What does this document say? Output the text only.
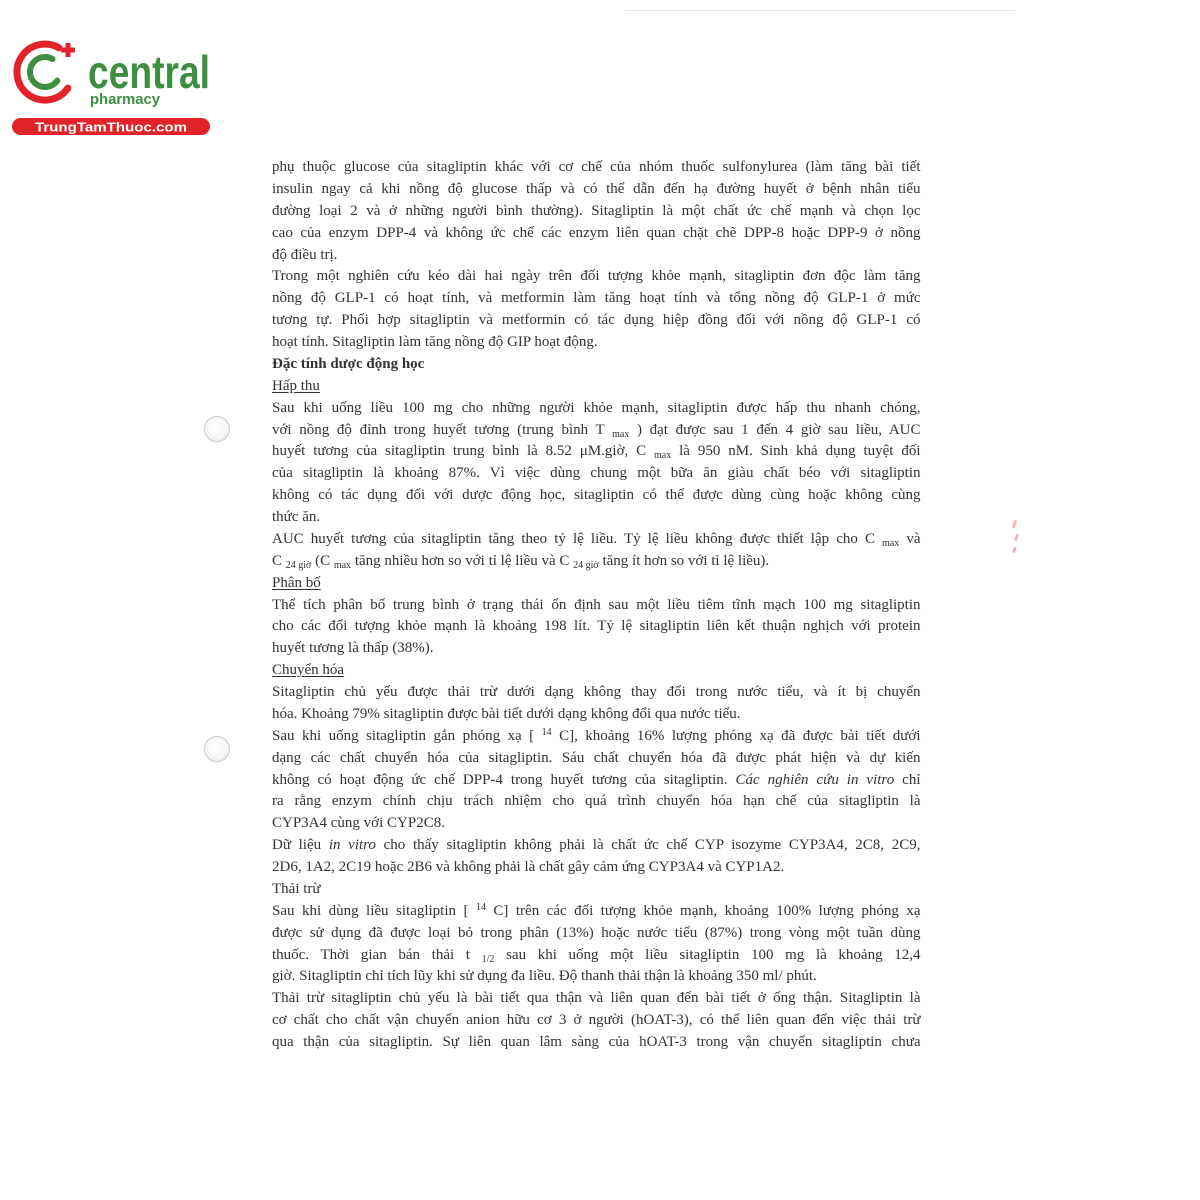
central
pharmacy
TrungTamThuoc.com
phụ thuộc glucose của sitagliptin khác với cơ chế của nhóm thuốc sulfonylurea (làm tăng bài tiết
insulin ngay cả khi nồng độ glucose thấp và có thể dẫn đến hạ đường huyết ở bệnh nhân tiểu
đường loại 2 và ở những người bình thường). Sitagliptin là một chất ức chế mạnh và chọn lọc
cao của enzym DPP-4 và không ức chế các enzym liên quan chặt chẽ DPP-8 hoặc DPP-9 ở nồng
độ điều trị.
Trong một nghiên cứu kéo dài hai ngày trên đối tượng khỏe mạnh, sitagliptin đơn độc làm tăng
nồng độ GLP-1 có hoạt tính, và metformin làm tăng hoạt tính và tổng nồng độ GLP-1 ở mức
tương tự. Phối hợp sitagliptin và metformin có tác dụng hiệp đồng đối với nồng độ GLP-1 có
hoạt tính. Sitagliptin làm tăng nồng độ GIP hoạt động.
Đặc tính dược động học
Hấp thu
Sau khi uống liều 100 mg cho những người khỏe mạnh, sitagliptin được hấp thu nhanh chóng,
với nồng độ đỉnh trong huyết tương (trung bình T $_{max}$ ) đạt được sau 1 đến 4 giờ sau liều, AUC
huyết tương của sitagliptin trung bình là 8.52 μM.giờ, C $_{max}$ là 950 nM. Sinh khả dụng tuyệt đối
của sitagliptin là khoảng 87%. Vì việc dùng chung một bữa ăn giàu chất béo với sitagliptin
không có tác dụng đối với dược động học, sitagliptin có thể được dùng cùng hoặc không cùng
thức ăn.
AUC huyết tương của sitagliptin tăng theo tỷ lệ liều. Tỷ lệ liều không được thiết lập cho C $_{max}$ và
C $_{24 giờ}$ (C $_{max}$ tăng nhiều hơn so với tỉ lệ liều và C $_{24 giờ}$ tăng ít hơn so với tỉ lệ liều).
Phân bố
Thể tích phân bố trung bình ở trạng thái ổn định sau một liều tiêm tĩnh mạch 100 mg sitagliptin
cho các đối tượng khỏe mạnh là khoảng 198 lít. Tỷ lệ sitagliptin liên kết thuận nghịch với protein
huyết tương là thấp (38%).
Chuyển hóa
Sitagliptin chủ yếu được thải trừ dưới dạng không thay đổi trong nước tiểu, và ít bị chuyển
hóa. Khoảng 79% sitagliptin được bài tiết dưới dạng không đổi qua nước tiểu.
Sau khi uống sitagliptin gắn phóng xạ [ $^{14}$ C], khoảng 16% lượng phóng xạ đã được bài tiết dưới
dạng các chất chuyển hóa của sitagliptin. Sáu chất chuyển hóa đã được phát hiện và dự kiến
không có hoạt động ức chế DPP-4 trong huyết tương của sitagliptin. Các nghiên cứu in vitro chỉ
ra rằng enzym chính chịu trách nhiệm cho quá trình chuyển hóa hạn chế của sitagliptin là
CYP3A4 cùng với CYP2C8.
Dữ liệu in vitro cho thấy sitagliptin không phải là chất ức chế CYP isozyme CYP3A4, 2C8, 2C9,
2D6, 1A2, 2C19 hoặc 2B6 và không phải là chất gây cảm ứng CYP3A4 và CYP1A2.
Thải trừ
Sau khi dùng liều sitagliptin [ $^{14}$ C] trên các đối tượng khỏe mạnh, khoảng 100% lượng phóng xạ
được sử dụng đã được loại bỏ trong phân (13%) hoặc nước tiểu (87%) trong vòng một tuần dùng
thuốc. Thời gian bán thải t $_{1/2}$ sau khi uống một liều sitagliptin 100 mg là khoảng 12,4
giờ. Sitagliptin chỉ tích lũy khi sử dụng đa liều. Độ thanh thải thận là khoảng 350 ml/ phút.
Thải trừ sitagliptin chủ yếu là bài tiết qua thận và liên quan đến bài tiết ở ống thận. Sitagliptin là
cơ chất cho chất vận chuyển anion hữu cơ 3 ở người (hOAT-3), có thể liên quan đến việc thải trừ
qua thận của sitagliptin. Sự liên quan lâm sàng của hOAT-3 trong vận chuyển sitagliptin chưa
